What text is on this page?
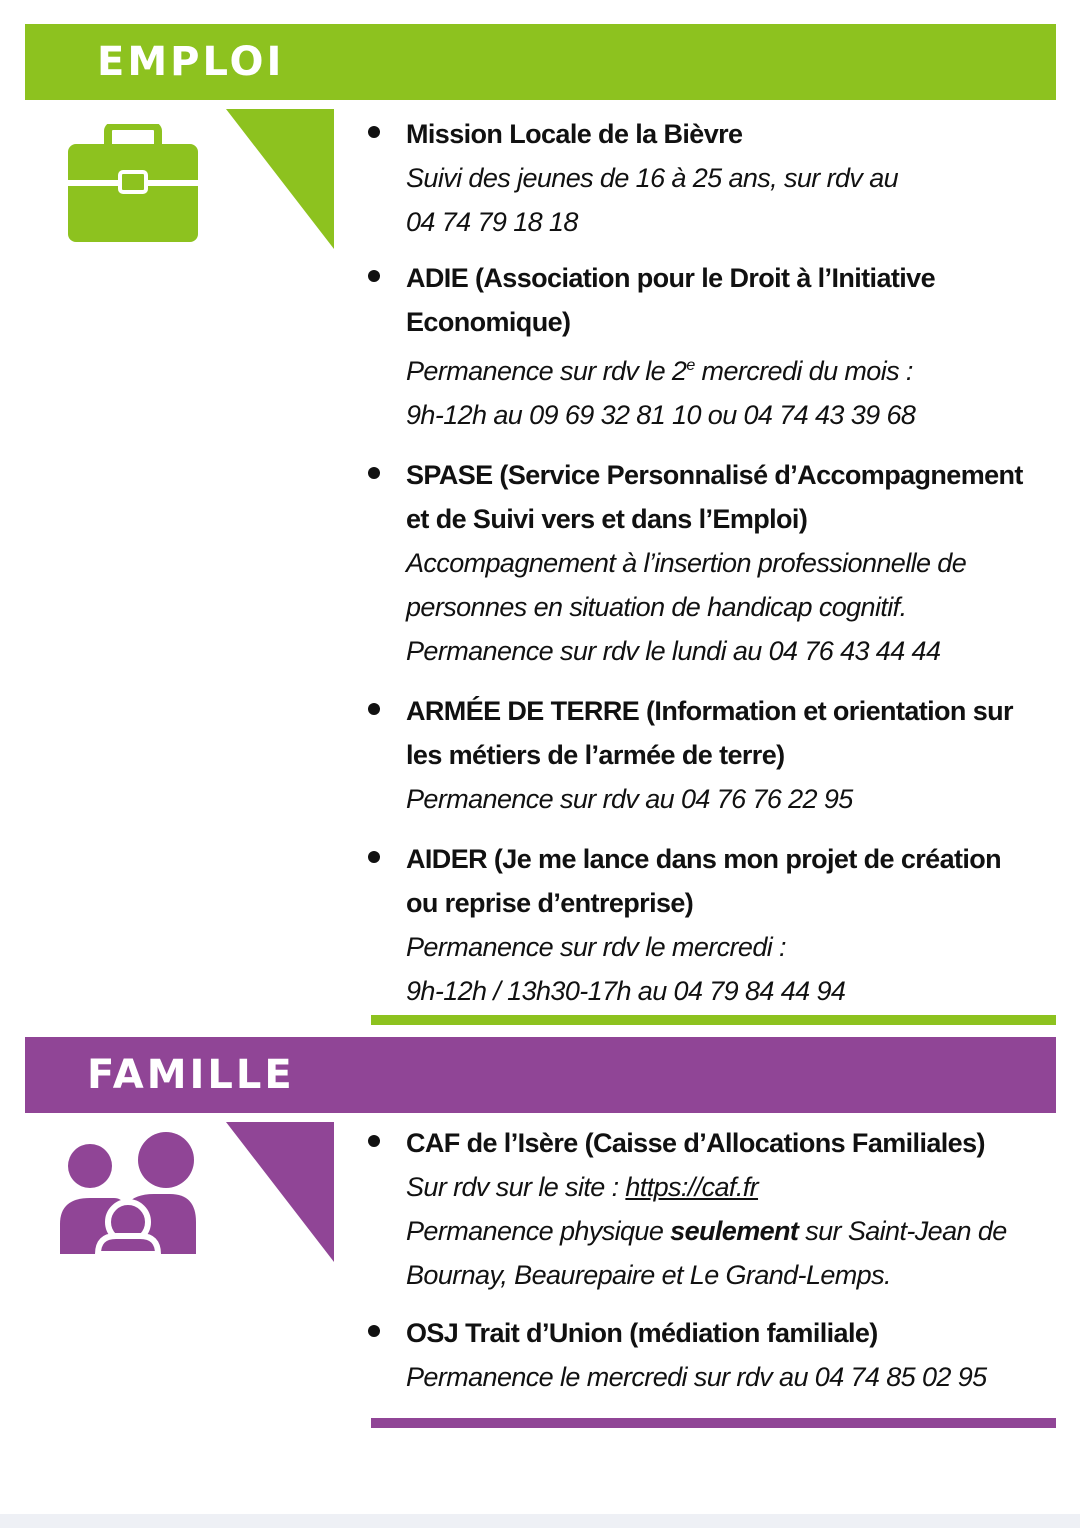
EMPLOI
Mission Locale de la Bièvre
Suivi des jeunes de 16 à 25 ans, sur rdv au
04 74 79 18 18
ADIE (Association pour le Droit à l’Initiative
Economique)
Permanence sur rdv le 2e mercredi du mois :
9h-12h au 09 69 32 81 10 ou 04 74 43 39 68
SPASE (Service Personnalisé d’Accompagnement
et de Suivi vers et dans l’Emploi)
Accompagnement à l’insertion professionnelle de
personnes en situation de handicap cognitif.
Permanence sur rdv le lundi au 04 76 43 44 44
ARMÉE DE TERRE (Information et orientation sur
les métiers de l’armée de terre)
Permanence sur rdv au 04 76 76 22 95
AIDER (Je me lance dans mon projet de création
ou reprise d’entreprise)
Permanence sur rdv le mercredi :
9h-12h / 13h30-17h au 04 79 84 44 94
FAMILLE
CAF de l’Isère (Caisse d’Allocations Familiales)
Sur rdv sur le site : https://caf.fr
Permanence physique seulement sur Saint-Jean de
Bournay, Beaurepaire et Le Grand-Lemps.
OSJ Trait d’Union (médiation familiale)
Permanence le mercredi sur rdv au 04 74 85 02 95
